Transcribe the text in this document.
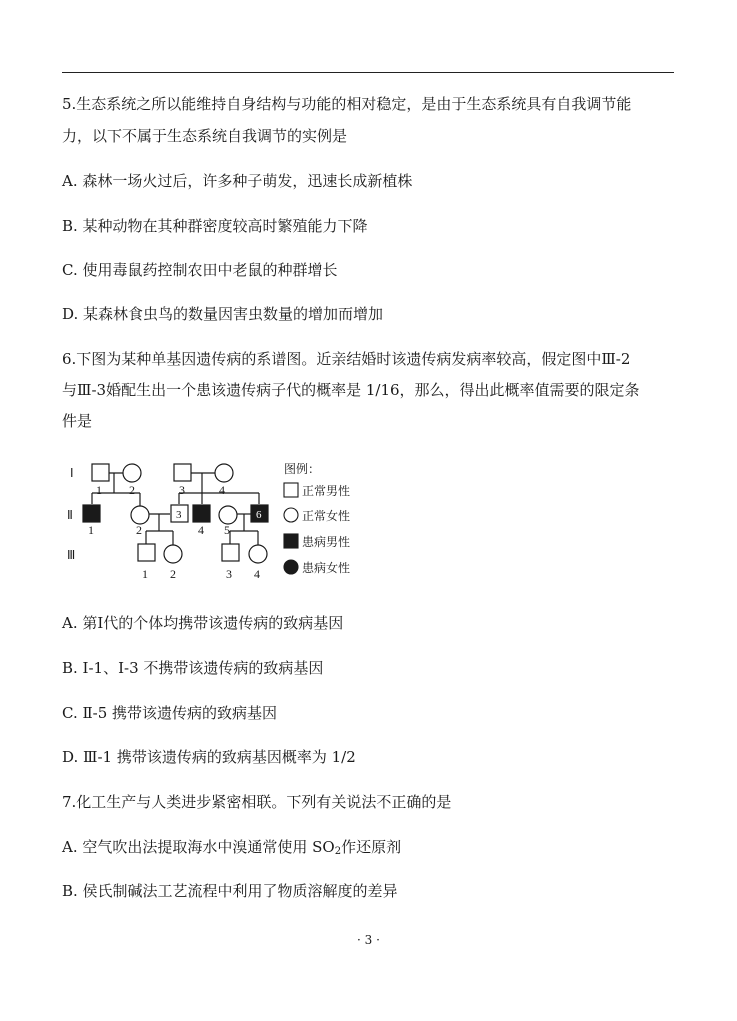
5.生态系统之所以能维持自身结构与功能的相对稳定，是由于生态系统具有自我调节能
力，以下不属于生态系统自我调节的实例是
A. 森林一场火过后，许多种子萌发，迅速长成新植株
B. 某种动物在其种群密度较高时繁殖能力下降
C. 使用毒鼠药控制农田中老鼠的种群增长
D. 某森林食虫鸟的数量因害虫数量的增加而增加
6.下图为某种单基因遗传病的系谱图。近亲结婚时该遗传病发病率较高，假定图中Ⅲ-2
与Ⅲ-3婚配生出一个患该遗传病子代的概率是 1/16，那么，得出此概率值需要的限定条
件是
Ⅰ
Ⅱ
Ⅲ
1 2	3	4
1	2
3
4 5
6
1 2	3 4
图例：
正常男性
正常女性
患病男性
患病女性
A. 第Ⅰ代的个体均携带该遗传病的致病基因
B. Ⅰ-1、Ⅰ-3 不携带该遗传病的致病基因
C. Ⅱ-5 携带该遗传病的致病基因
D. Ⅲ-1 携带该遗传病的致病基因概率为 1/2
7.化工生产与人类进步紧密相联。下列有关说法不正确的是
A. 空气吹出法提取海水中溴通常使用 $SO_2$作还原剂
B. 侯氏制碱法工艺流程中利用了物质溶解度的差异
· 3 ·
